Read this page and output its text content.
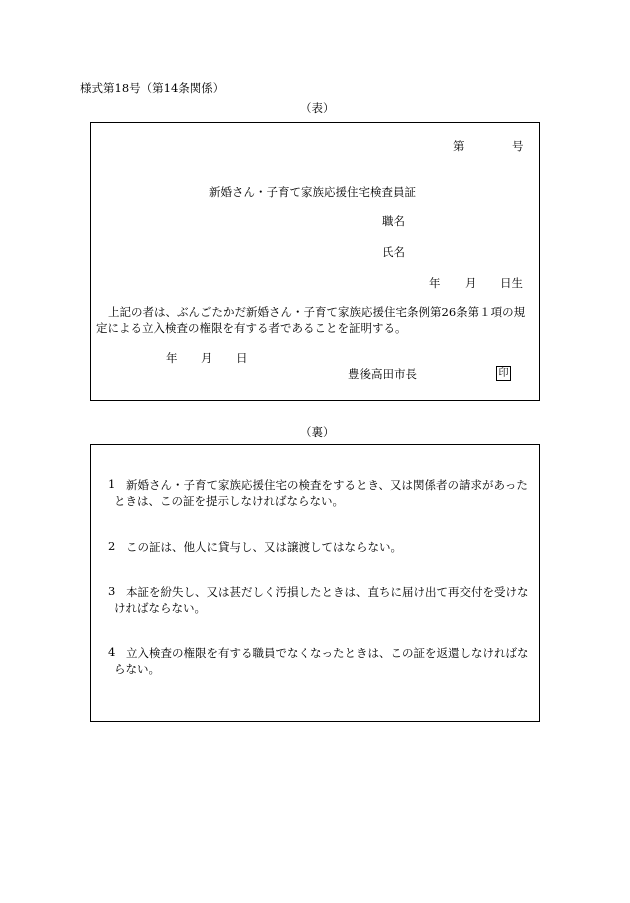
様式第18号（第14条関係）
（表）
第	号
新婚さん・子育て家族応援住宅検査員証
職名
氏名
年 月 日生
上記の者は、ぶんごたかだ新婚さん・子育て家族応援住宅条例第26条第１項の規
定による立入検査の権限を有する者であることを証明する。
年 月 日
豊後高田市長	印
（裏）
1 新婚さん・子育て家族応援住宅の検査をするとき、又は関係者の請求があった
ときは、この証を提示しなければならない。
2 この証は、他人に貸与し、又は譲渡してはならない。
3 本証を紛失し、又は甚だしく汚損したときは、直ちに届け出て再交付を受けな
ければならない。
4 立入検査の権限を有する職員でなくなったときは、この証を返還しなければな
らない。
